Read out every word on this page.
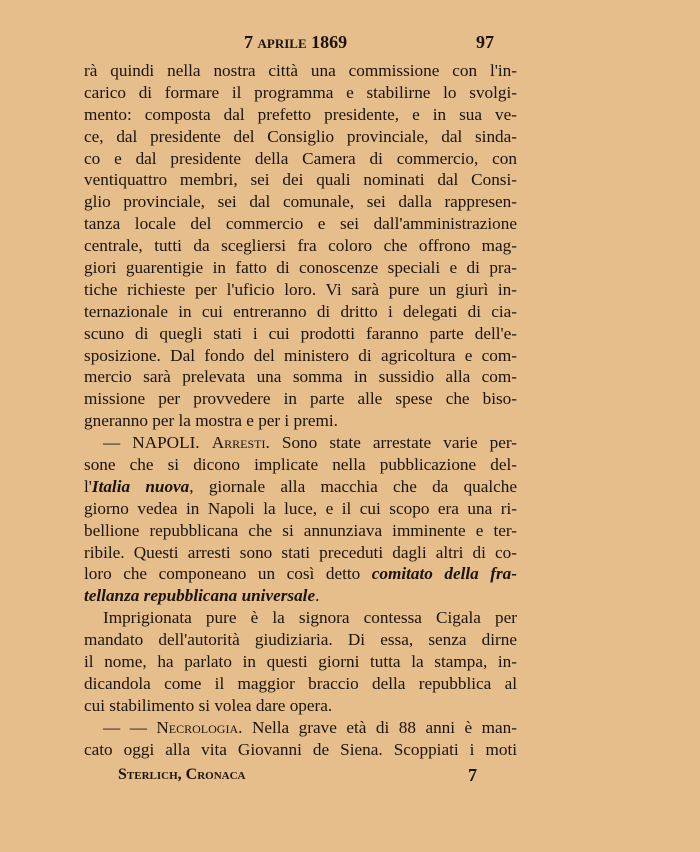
7 aprile 1869	97
rà quindi nella nostra città una commissione con l'in-
carico di formare il programma e stabilirne lo svolgi-
mento: composta dal prefetto presidente, e in sua ve-
ce, dal presidente del Consiglio provinciale, dal sinda-
co e dal presidente della Camera di commercio, con
ventiquattro membri, sei dei quali nominati dal Consi-
glio provinciale, sei dal comunale, sei dalla rappresen-
tanza locale del commercio e sei dall'amministrazione
centrale, tutti da scegliersi fra coloro che offrono mag-
giori guarentigie in fatto di conoscenze speciali e di pra-
tiche richieste per l'uficio loro. Vi sarà pure un giurì in-
ternazionale in cui entreranno di dritto i delegati di cia-
scuno di quegli stati i cui prodotti faranno parte dell'e-
sposizione. Dal fondo del ministero di agricoltura e com-
mercio sarà prelevata una somma in sussidio alla com-
missione per provvedere in parte alle spese che biso-
gneranno per la mostra e per i premi.
— NAPOLI. Arresti. Sono state arrestate varie per-
sone che si dicono implicate nella pubblicazione del-
l'Italia nuova, giornale alla macchia che da qualche
giorno vedea in Napoli la luce, e il cui scopo era una ri-
bellione repubblicana che si annunziava imminente e ter-
ribile. Questi arresti sono stati preceduti dagli altri di co-
loro che componeano un così detto comitato della fra-
tellanza repubblicana universale.
Imprigionata pure è la signora contessa Cigala per
mandato dell'autorità giudiziaria. Di essa, senza dirne
il nome, ha parlato in questi giorni tutta la stampa, in-
dicandola come il maggior braccio della repubblica al
cui stabilimento si volea dare opera.
— — Necrologia. Nella grave età di 88 anni è man-
cato oggi alla vita Giovanni de Siena. Scoppiati i moti
Sterlich, Cronaca	7
